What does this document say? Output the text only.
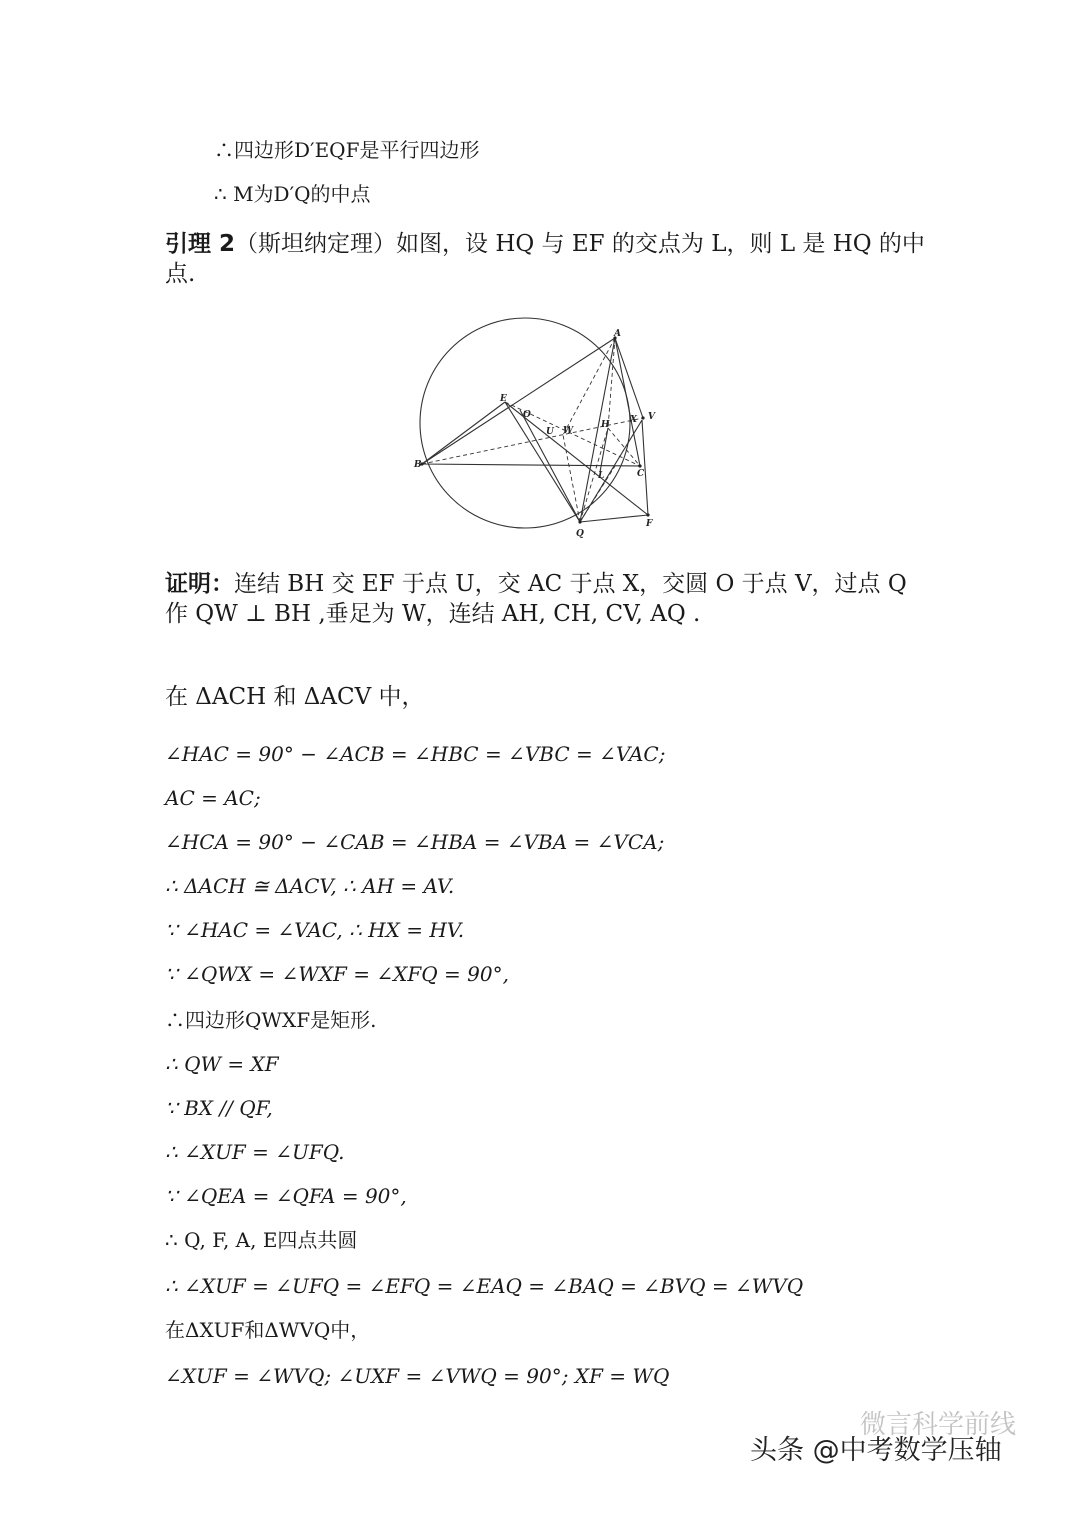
∴四边形D′EQF是平行四边形
∴ M为D′Q的中点
引理 2（斯坦纳定理）如图，设 HQ 与 EF 的交点为 L，则 L 是 HQ 的中点.
A
E
O
U W
H X V
B
L	C
Q
F
证明：连结 BH 交 EF 于点 U，交 AC 于点 X，交圆 O 于点 V，过点 Q 作 QW ⊥ BH ,垂足为 W，连结 AH, CH, CV, AQ .
在 ΔACH 和 ΔACV 中，
∠HAC = 90° − ∠ACB = ∠HBC = ∠VBC = ∠VAC;
AC = AC;
∠HCA = 90° − ∠CAB = ∠HBA = ∠VBA = ∠VCA;
∴ ΔACH ≅ ΔACV, ∴ AH = AV.
∵ ∠HAC = ∠VAC, ∴ HX = HV.
∵ ∠QWX = ∠WXF = ∠XFQ = 90°,
∴四边形QWXF是矩形.
∴ QW = XF
∵ BX // QF,
∴ ∠XUF = ∠UFQ.
∵ ∠QEA = ∠QFA = 90°,
∴ Q, F, A, E四点共圆
∴ ∠XUF = ∠UFQ = ∠EFQ = ∠EAQ = ∠BAQ = ∠BVQ = ∠WVQ
在ΔXUF和ΔWVQ中，
∠XUF = ∠WVQ; ∠UXF = ∠VWQ = 90°; XF = WQ
微言科学前线
头条 @中考数学压轴
